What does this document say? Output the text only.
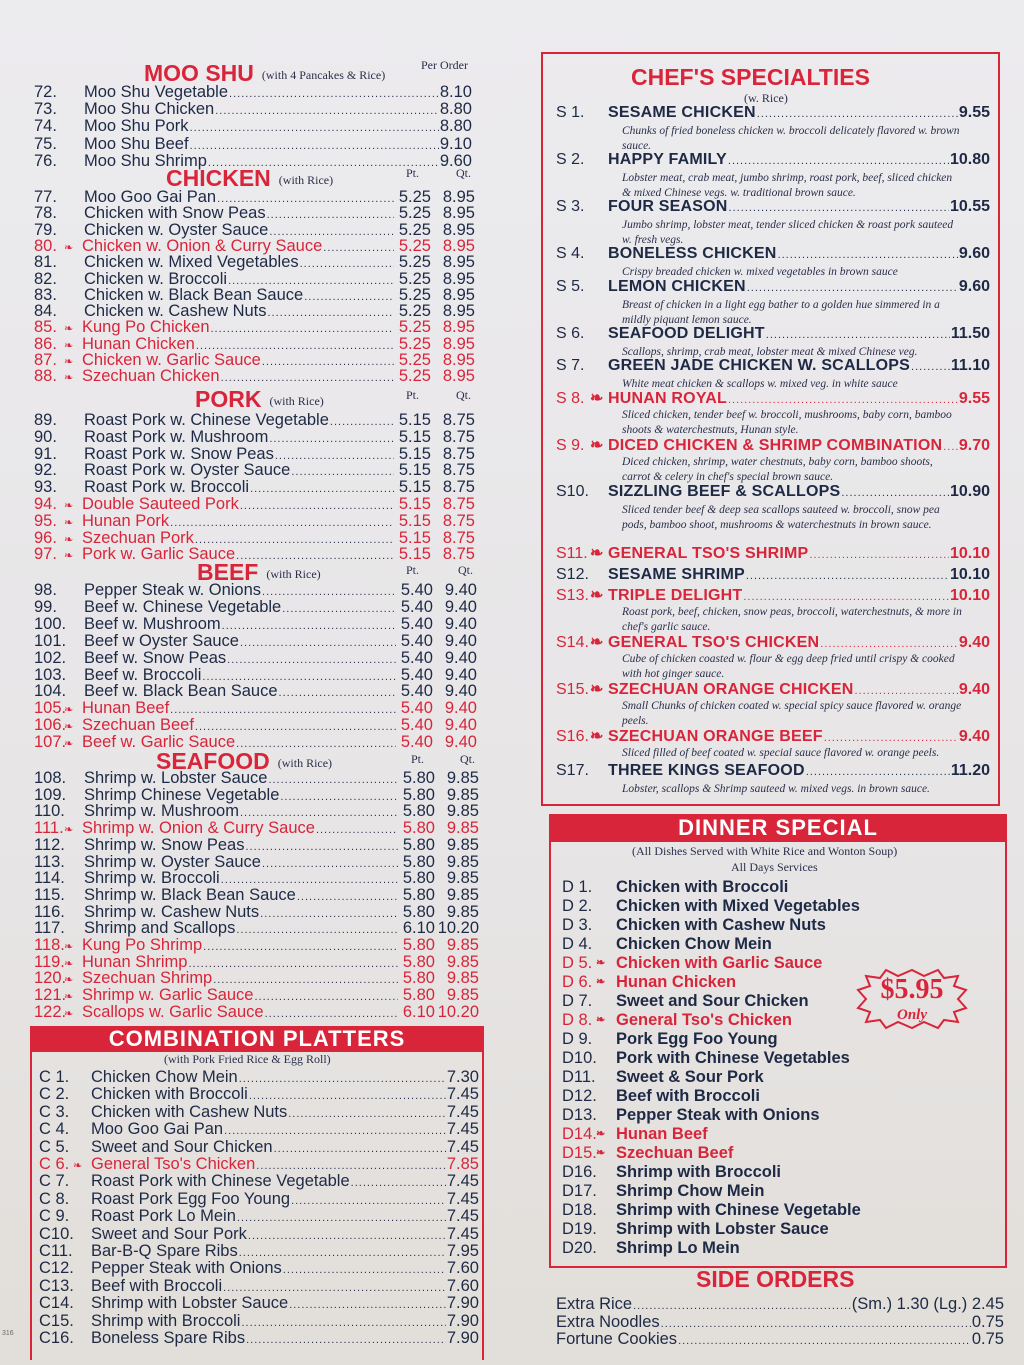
MOO SHU (with 4 Pancakes & Rice)
Per Order
72.	Moo Shu Vegetable .....	8.10
73.	Moo Shu Chicken .....	8.80
74.	Moo Shu Pork .....	8.80
75.	Moo Shu Beef .....	9.10
76.	Moo Shu Shrimp .....	9.60
CHICKEN (with Rice)	Pt.	Qt.
77.	Moo Goo Gai Pan .....	5.25 8.95
78.	Chicken with Snow Peas .....	5.25 8.95
79.	Chicken w. Oyster Sauce .....	5.25 8.95
80. ❧ Chicken w. Onion & Curry Sauce .....	5.25 8.95
81.	Chicken w. Mixed Vegetables .....	5.25 8.95
82.	Chicken w. Broccoli .....	5.25 8.95
83.	Chicken w. Black Bean Sauce .....	5.25 8.95
84.	Chicken w. Cashew Nuts .....	5.25 8.95
85. ❧ Kung Po Chicken .....	5.25 8.95
86. ❧ Hunan Chicken .....	5.25 8.95
87. ❧ Chicken w. Garlic Sauce .....	5.25 8.95
88. ❧ Szechuan Chicken .....	5.25 8.95
PORK (with Rice)	Pt.	Qt.
89.	Roast Pork w. Chinese Vegetable .....	5.15 8.75
90.	Roast Pork w. Mushroom .....	5.15 8.75
91.	Roast Pork w. Snow Peas .....	5.15 8.75
92.	Roast Pork w. Oyster Sauce .....	5.15 8.75
93.	Roast Pork w. Broccoli .....	5.15 8.75
94. ❧ Double Sauteed Pork .....	5.15 8.75
95. ❧ Hunan Pork .....	5.15 8.75
96. ❧ Szechuan Pork .....	5.15 8.75
97. ❧ Pork w. Garlic Sauce .....	5.15 8.75
BEEF (with Rice)	Pt.	Qt.
98.	Pepper Steak w. Onions .....	5.40 9.40
99.	Beef w. Chinese Vegetable .....	5.40 9.40
100.	Beef w. Mushroom .....	5.40 9.40
101.	Beef w Oyster Sauce .....	5.40 9.40
102.	Beef w. Snow Peas .....	5.40 9.40
103.	Beef w. Broccoli .....	5.40 9.40
104.	Beef w. Black Bean Sauce .....	5.40 9.40
105.
❧ Hunan Beef .....	5.40 9.40
106.
❧ Szechuan Beef .....	5.40 9.40
107.
❧ Beef w. Garlic Sauce .....	5.40 9.40
SEAFOOD (with Rice)	Pt.	Qt.
108.	Shrimp w. Lobster Sauce .....	5.80 9.85
109.	Shrimp Chinese Vegetable .....	5.80 9.85
110.	Shrimp w. Mushroom .....	5.80 9.85
111. ❧ Shrimp w. Onion & Curry Sauce .....	5.80 9.85
112.	Shrimp w. Snow Peas .....	5.80 9.85
113.	Shrimp w. Oyster Sauce .....	5.80 9.85
114.	Shrimp w. Broccoli .....	5.80 9.85
115.	Shrimp w. Black Bean Sauce .....	5.80 9.85
116.	Shrimp w. Cashew Nuts .....	5.80 9.85
117.	Shrimp and Scallops .....	6.10 10.20
118. ❧ Kung Po Shrimp .....	5.80 9.85
119. ❧ Hunan Shrimp .....	5.80 9.85
120.
❧ Szechuan Shrimp .....	5.80 9.85
121.
❧ Shrimp w. Garlic Sauce .....	5.80 9.85
122.
❧ Scallops w. Garlic Sauce .....	6.10 10.20
COMBINATION PLATTERS
(with Pork Fried Rice & Egg Roll)
C 1.	Chicken Chow Mein .....	7.30
C 2.	Chicken with Broccoli .....	7.45
C 3.	Chicken with Cashew Nuts .....	7.45
C 4.	Moo Goo Gai Pan .....	7.45
C 5.	Sweet and Sour Chicken .....	7.45
C 6. ❧ General Tso's Chicken .....	7.85
C 7.	Roast Pork with Chinese Vegetable .....	7.45
C 8.	Roast Pork Egg Foo Young .....	7.45
C 9.	Roast Pork Lo Mein .....	7.45
C10.	Sweet and Sour Pork .....	7.45
C11.	Bar-B-Q Spare Ribs .....	7.95
C12.	Pepper Steak with Onions .....	7.60
C13.	Beef with Broccoli .....	7.60
C14.	Shrimp with Lobster Sauce .....	7.90
C15.	Shrimp with Broccoli .....	7.90
C16.	Boneless Spare Ribs .....	7.90
316
CHEF'S SPECIALTIES
(w. Rice)
S 1.	SESAME CHICKEN .....	9.55
Chunks of fried boneless chicken w. broccoli delicately flavored w. brown sauce.
S 2.	HAPPY FAMILY .....	10.80
Lobster meat, crab meat, jumbo shrimp, roast pork, beef, sliced chicken & mixed Chinese vegs. w. traditional brown sauce.
S 3.	FOUR SEASON .....	10.55
Jumbo shrimp, lobster meat, tender sliced chicken & roast pork sauteed w. fresh vegs.
S 4.	BONELESS CHICKEN .....	9.60
Crispy breaded chicken w. mixed vegetables in brown sauce
S 5.	LEMON CHICKEN .....	9.60
Breast of chicken in a light egg bather to a golden hue simmered in a mildly piquant lemon sauce.
S 6.	SEAFOOD DELIGHT .....	11.50
Scallops, shrimp, crab meat, lobster meat & mixed Chinese veg.
S 7.	GREEN JADE CHICKEN W. SCALLOPS .....	11.10
White meat chicken & scallops w. mixed veg. in white sauce
S 8. ❧ HUNAN ROYAL .....	9.55
Sliced chicken, tender beef w. broccoli, mushrooms, baby corn, bamboo shoots & waterchestnuts, Hunan style.
S 9. ❧ DICED CHICKEN & SHRIMP COMBINATION ..... 9.70
Diced chicken, shrimp, water chestnuts, baby corn, bamboo shoots, carrot & celery in chef's special brown sauce.
S10.	SIZZLING BEEF & SCALLOPS .....	10.90
Sliced tender beef & deep sea scallops sauteed w. broccoli, snow pea pods, bamboo shoot, mushrooms & waterchestnuts in brown sauce.
S11. ❧ GENERAL TSO'S SHRIMP .....	10.10
S12.	SESAME SHRIMP .....	10.10
S13. ❧ TRIPLE DELIGHT .....	10.10
Roast pork, beef, chicken, snow peas, broccoli, waterchestnuts, & more in chef's garlic sauce.
S14. ❧ GENERAL TSO'S CHICKEN .....	9.40
Cube of chicken coasted w. flour & egg deep fried until crispy & cooked with hot ginger sauce.
S15. ❧ SZECHUAN ORANGE CHICKEN .....	9.40
Small Chunks of chicken coated w. special spicy sauce flavored w. orange peels.
S16. ❧ SZECHUAN ORANGE BEEF .....	9.40
Sliced filled of beef coated w. special sauce flavored w. orange peels.
S17.	THREE KINGS SEAFOOD .....	11.20
Lobster, scallops & Shrimp sauteed w. mixed vegs. in brown sauce.
DINNER SPECIAL
(All Dishes Served with White Rice and Wonton Soup)
All Days Services
D 1.	Chicken with Broccoli
D 2.	Chicken with Mixed Vegetables
D 3.	Chicken with Cashew Nuts
D 4.	Chicken Chow Mein
D 5. ❧ Chicken with Garlic Sauce
D 6. ❧ Hunan Chicken
D 7.	Sweet and Sour Chicken
D 8. ❧ General Tso's Chicken
D 9.	Pork Egg Foo Young
D10.	Pork with Chinese Vegetables
D11.	Sweet & Sour Pork
D12.	Beef with Broccoli
D13.	Pepper Steak with Onions
D14. ❧ Hunan Beef
D15. ❧ Szechuan Beef
D16.	Shrimp with Broccoli
D17.	Shrimp Chow Mein
D18.	Shrimp with Chinese Vegetable
D19.	Shrimp with Lobster Sauce
D20.	Shrimp Lo Mein
$5.95
Only
SIDE ORDERS
Extra Rice .....	(Sm.) 1.30 (Lg.) 2.45
Extra Noodles .....	0.75
Fortune Cookies .....	0.75
